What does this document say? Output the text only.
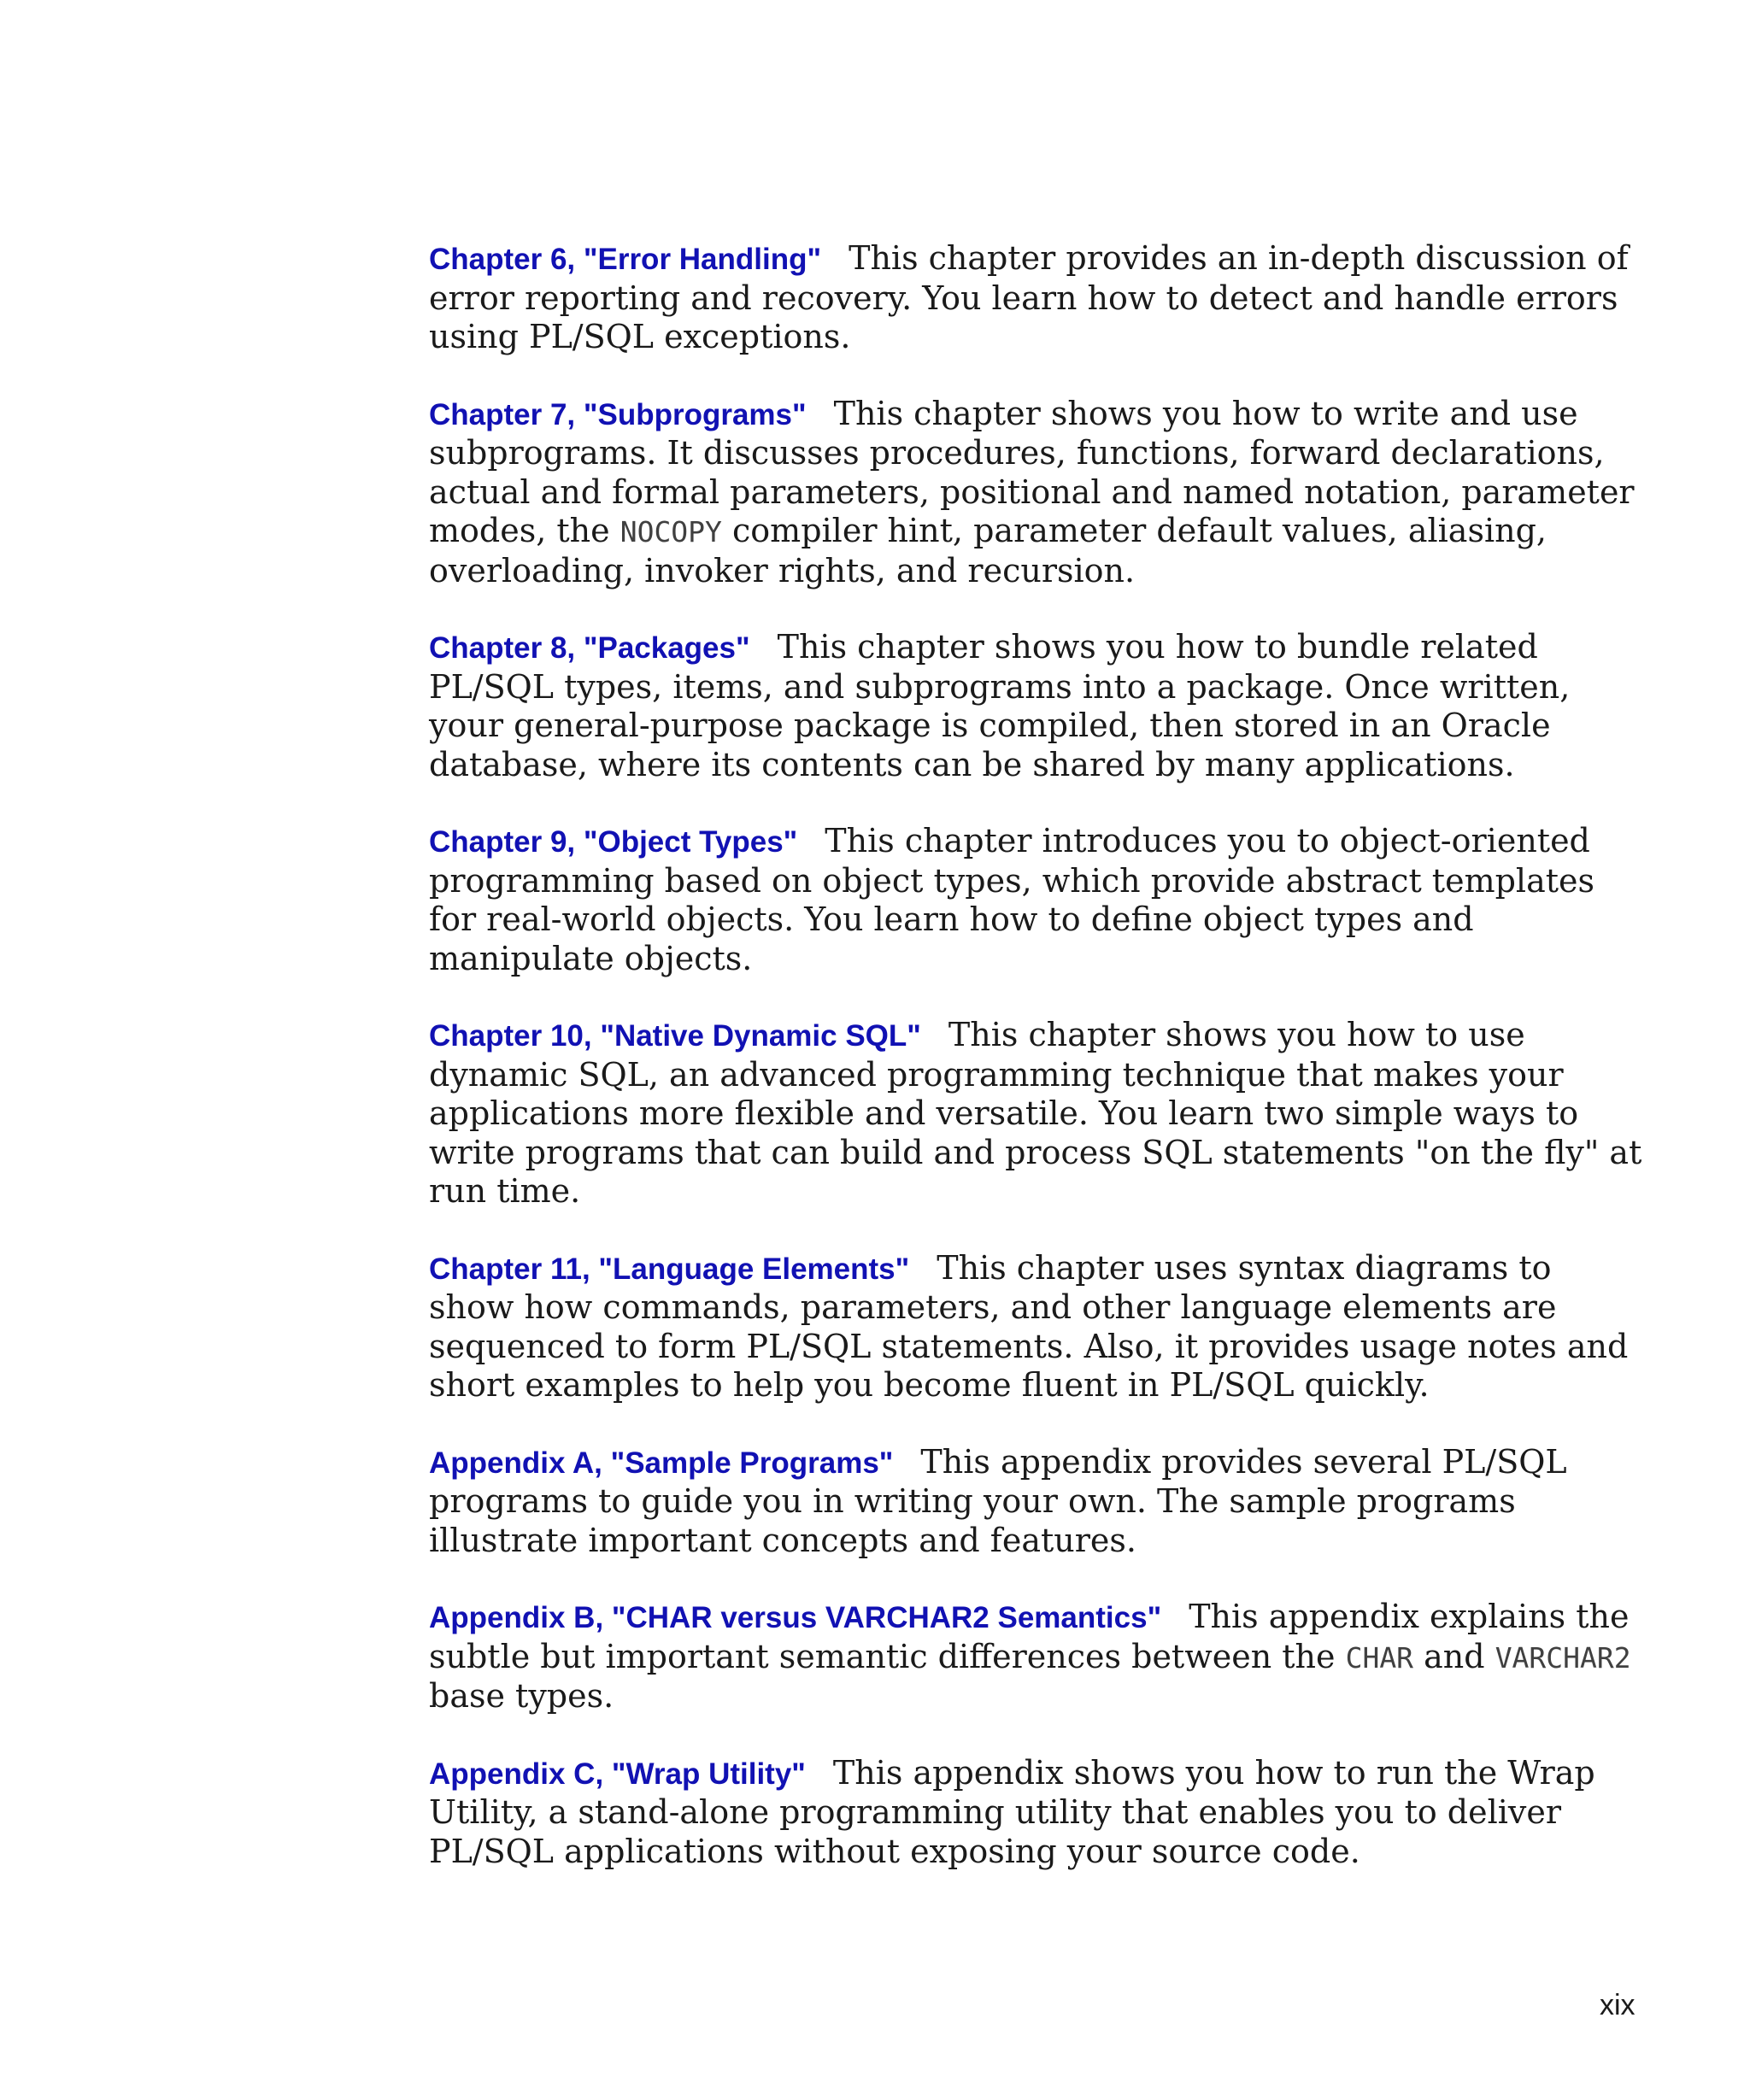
Chapter 6, "Error Handling" This chapter provides an in-depth discussion of error reporting and recovery. You learn how to detect and handle errors using PL/SQL exceptions.

Chapter 7, "Subprograms" This chapter shows you how to write and use subprograms. It discusses procedures, functions, forward declarations, actual and formal parameters, positional and named notation, parameter modes, the NOCOPY compiler hint, parameter default values, aliasing, overloading, invoker rights, and recursion.

Chapter 8, "Packages" This chapter shows you how to bundle related PL/SQL types, items, and subprograms into a package. Once written, your general-purpose package is compiled, then stored in an Oracle database, where its contents can be shared by many applications.

Chapter 9, "Object Types" This chapter introduces you to object-oriented programming based on object types, which provide abstract templates for real-world objects. You learn how to define object types and manipulate objects.

Chapter 10, "Native Dynamic SQL" This chapter shows you how to use dynamic SQL, an advanced programming technique that makes your applications more flexible and versatile. You learn two simple ways to write programs that can build and process SQL statements "on the fly" at run time.

Chapter 11, "Language Elements" This chapter uses syntax diagrams to show how commands, parameters, and other language elements are sequenced to form PL/SQL statements. Also, it provides usage notes and short examples to help you become fluent in PL/SQL quickly.

Appendix A, "Sample Programs" This appendix provides several PL/SQL programs to guide you in writing your own. The sample programs illustrate important concepts and features.

Appendix B, "CHAR versus VARCHAR2 Semantics" This appendix explains the subtle but important semantic differences between the CHAR and VARCHAR2 base types.

Appendix C, "Wrap Utility" This appendix shows you how to run the Wrap Utility, a stand-alone programming utility that enables you to deliver PL/SQL applications without exposing your source code.

xix
